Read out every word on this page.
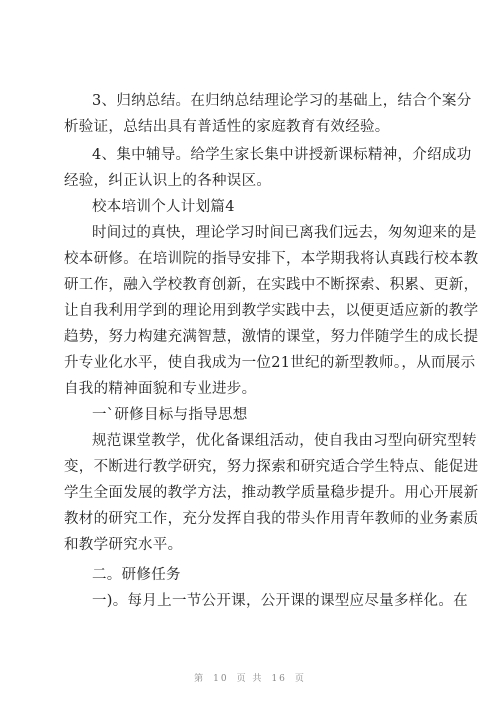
3、归纳总结。在归纳总结理论学习的基础上，结合个案分
析验证，总结出具有普适性的家庭教育有效经验。
4、集中辅导。给学生家长集中讲授新课标精神，介绍成功
经验，纠正认识上的各种误区。
校本培训个人计划篇4
时间过的真快，理论学习时间已离我们远去，匆匆迎来的是
校本研修。在培训院的指导安排下，本学期我将认真践行校本教
研工作，融入学校教育创新，在实践中不断探索、积累、更新，
让自我利用学到的理论用到教学实践中去，以便更适应新的教学
趋势，努力构建充满智慧，激情的课堂，努力伴随学生的成长提
升专业化水平，使自我成为一位21世纪的新型教师。，从而展示
自我的精神面貌和专业进步。
一`研修目标与指导思想
规范课堂教学，优化备课组活动，使自我由习型向研究型转
变，不断进行教学研究，努力探索和研究适合学生特点、能促进
学生全面发展的教学方法，推动教学质量稳步提升。用心开展新
教材的研究工作，充分发挥自我的带头作用青年教师的业务素质
和教学研究水平。
二。研修任务
一)。每月上一节公开课，公开课的课型应尽量多样化。在
第 10 页 共 16 页
